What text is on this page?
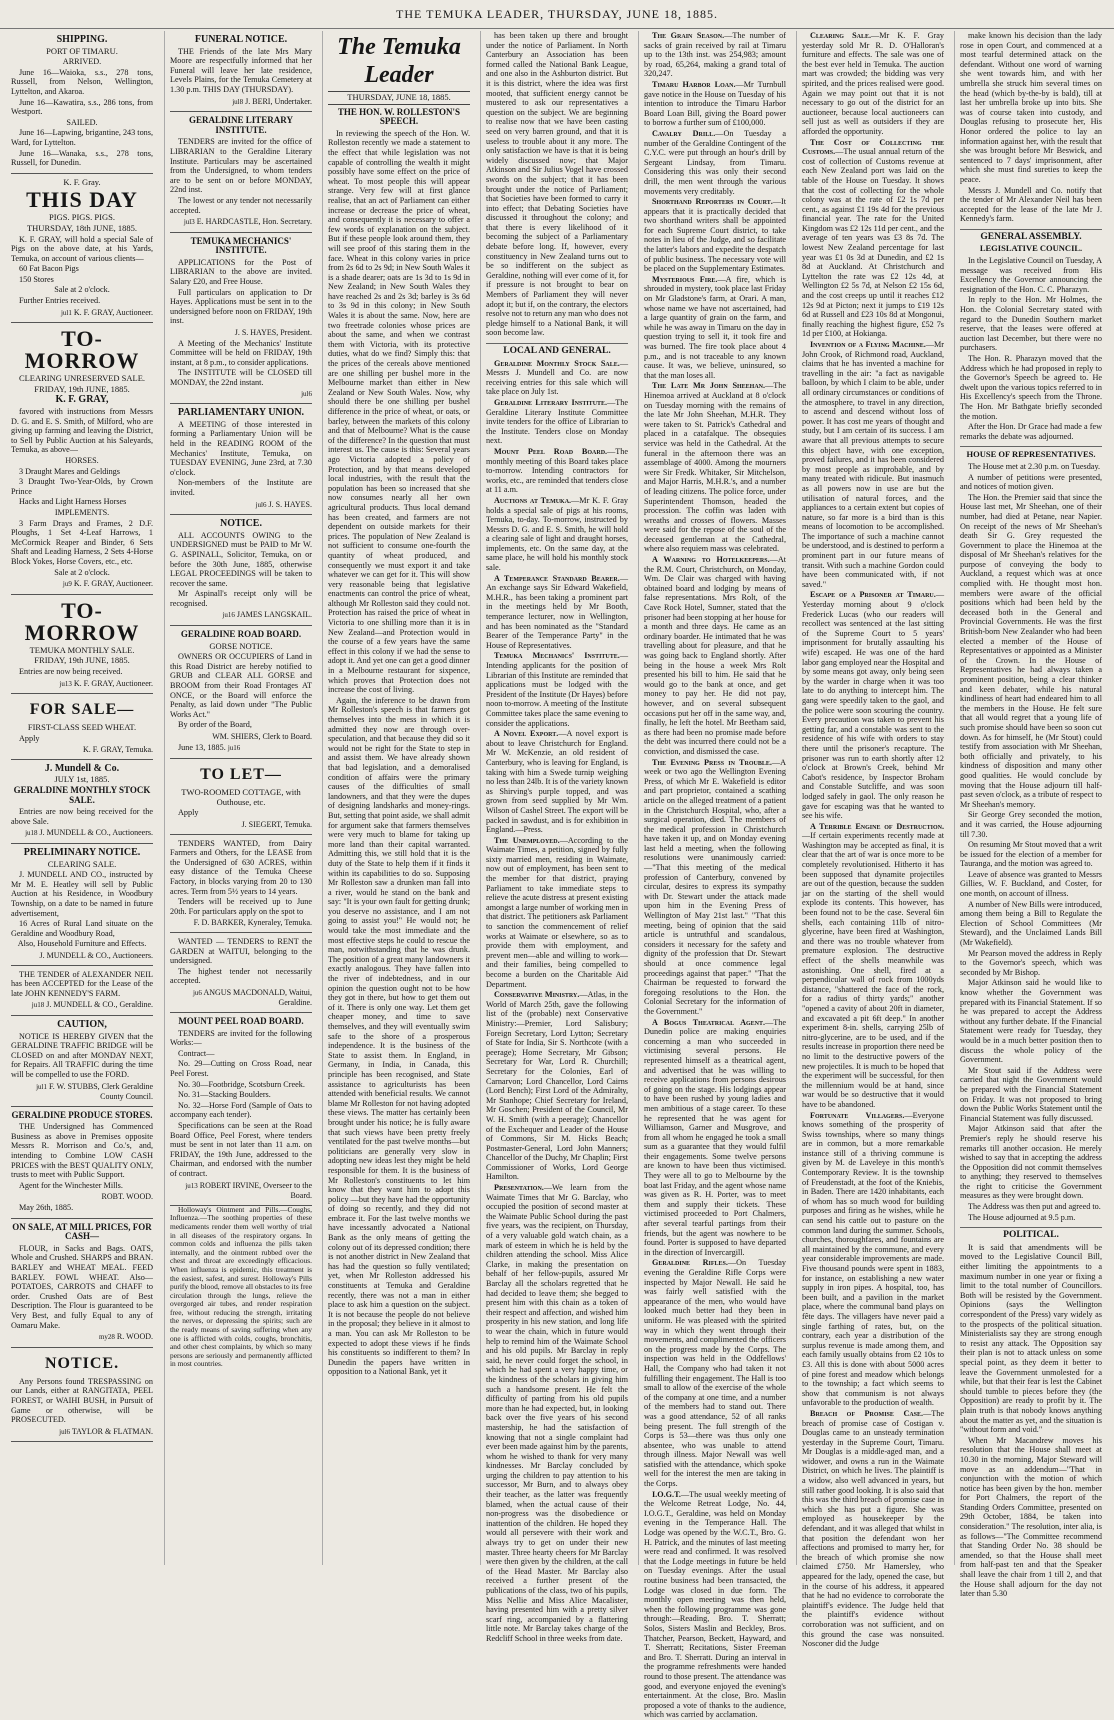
THE TEMUKA LEADER, THURSDAY, JUNE 18, 1885.
SHIPPING.
PORT OF TIMARU.
ARRIVED.
June 16—Waioka, s.s., 278 tons, Russell, from Nelson, Wellington, Lyttelton, and Akaroa.
June 16—Kawatira, s.s., 286 tons, from Westport.
SAILED.
June 16—Lapwing, brigantine, 243 tons, Ward, for Lyttelton.
June 16—Wanaka, s.s., 278 tons, Russell, for Dunedin.
K. F. Gray.
THIS DAY
PIGS. PIGS. PIGS.
THURSDAY, 18th JUNE, 1885.
K. F. GRAY, will hold a special Sale of Pigs on the above date, at his Yards, Temuka, on account of various clients—
60 Fat Bacon Pigs
150 Stores
Sale at 2 o'clock.
Further Entries received.
jul1 K. F. GRAY, Auctioneer.
TO-MORROW
CLEARING UNRESERVED SALE.
FRIDAY, 19th JUNE, 1885.
K. F. GRAY,
favored with instructions from Messrs D. G. and E. S. Smith, of Milford, who are giving up farming and leaving the District, to Sell by Public Auction at his Saleyards, Temuka, as above—
HORSES.
3 Draught Mares and Geldings
3 Draught Two-Year-Olds, by Crown Prince
Hacks and Light Harness Horses
IMPLEMENTS.
3 Farm Drays and Frames, 2 D.F. Ploughs, 1 Set 4-Leaf Harrows, 1 McCormick Reaper and Binder, 6 Sets Shaft and Leading Harness, 2 Sets 4-Horse Block Yokes, Horse Covers, etc., etc.
Sale at 2 o'clock.
ju9 K. F. GRAY, Auctioneer.
TO-MORROW
TEMUKA MONTHLY SALE.
FRIDAY, 19th JUNE, 1885.
Entries are now being received.
ju13 K. F. GRAY, Auctioneer.
FOR SALE—
FIRST-CLASS SEED WHEAT.
Apply
K. F. GRAY, Temuka.
J. Mundell & Co.
JULY 1st, 1885.
GERALDINE MONTHLY STOCK SALE.
Entries are now being received for the above Sale.
ju18 J. MUNDELL & CO., Auctioneers.
PRELIMINARY NOTICE.
CLEARING SALE.
J. MUNDELL AND CO., instructed by Mr M. E. Heatley will sell by Public Auction at his Residence, in Woodbury Township, on a date to be named in future advertisement,
16 Acres of Rural Land situate on the Geraldine and Woodbury Road,
Also, Household Furniture and Effects.
J. MUNDELL & CO., Auctioneers.
THE TENDER of ALEXANDER NEIL has been ACCEPTED for the Lease of the late JOHN KENNEDY'S FARM.
ju18 J. MUNDELL & CO., Geraldine.
CAUTION,
NOTICE IS HEREBY GIVEN that the GERALDINE TRAFFIC BRIDGE will be CLOSED on and after MONDAY NEXT, for Repairs. All TRAFFIC during the time will be compelled to use the FORD.
jul1 F. W. STUBBS, Clerk Geraldine County Council.
GERALDINE PRODUCE STORES.
THE Undersigned has Commenced Business as above in Premises opposite Messrs R. Morrison and Co.'s, and, intending to Combine LOW CASH PRICES with the BEST QUALITY ONLY, trusts to meet with Public Support.
Agent for the Winchester Mills.
ROBT. WOOD.
May 26th, 1885.
ON SALE, AT MILL PRICES, FOR CASH—
FLOUR, in Sacks and Bags. OATS, Whole and Crushed. SHARPS and BRAN. BARLEY and WHEAT MEAL. FEED BARLEY. FOWL WHEAT. Also—POTATOES, CARROTS and CHAFF to order. Crushed Oats are of Best Description. The Flour is guaranteed to be Very Best, and fully Equal to any of Oamaru Make.
my28 R. WOOD.
NOTICE.
Any Persons found TRESPASSING on our Lands, either at RANGITATA, PEEL FOREST, or WAIHI BUSH, in Pursuit of Game or otherwise, will be PROSECUTED.
jul6 TAYLOR & FLATMAN.
FUNERAL NOTICE.
THE Friends of the late Mrs Mary Moore are respectfully informed that her Funeral will leave her late residence, Levels Plains, for the Temuka Cemetery at 1.30 p.m. THIS DAY (THURSDAY).
jul8 J. BERI, Undertaker.
GERALDINE LITERARY INSTITUTE.
TENDERS are invited for the office of LIBRARIAN to the Geraldine Literary Institute. Particulars may be ascertained from the Undersigned, to whom tenders are to be sent on or before MONDAY, 22nd inst.
The lowest or any tender not necessarily accepted.
jul3 E. HARDCASTLE, Hon. Secretary.
TEMUKA MECHANICS' INSTITUTE.
APPLICATIONS for the Post of LIBRARIAN to the above are invited. Salary £20, and Free House.
Full particulars on application to Dr Hayes. Applications must be sent in to the undersigned before noon on FRIDAY, 19th inst.
J. S. HAYES, President.
A Meeting of the Mechanics' Institute Committee will be held on FRIDAY, 19th instant, at 8 p.m., to consider applications.
The INSTITUTE will be CLOSED till MONDAY, the 22nd instant.
jul6
PARLIAMENTARY UNION.
A MEETING of those interested in forming a Parliamentary Union will be held in the READING ROOM of the Mechanics' Institute, Temuka, on TUESDAY EVENING, June 23rd, at 7.30 o'clock.
Non-members of the Institute are invited.
jul6 J. S. HAYES.
NOTICE.
ALL ACCOUNTS OWING to the UNDERSIGNED must be PAID to Mr W. G. ASPINALL, Solicitor, Temuka, on or before the 30th June, 1885, otherwise LEGAL PROCEEDINGS will be taken to recover the same.
Mr Aspinall's receipt only will be recognised.
ju16 JAMES LANGSKAIL.
GERALDINE ROAD BOARD.
GORSE NOTICE.
OWNERS OR OCCUPIERS of Land in this Road District are hereby notified to GRUB and CLEAR ALL GORSE and BROOM from their Road Frontages AT ONCE, or the Board will enforce the Penalty, as laid down under "The Public Works Act."
By order of the Board,
WM. SHIERS, Clerk to Board.
June 13, 1885. ju16
TO LET—
TWO-ROOMED COTTAGE, with Outhouse, etc.
Apply
J. SIEGERT, Temuka.
TENDERS WANTED, from Dairy Farmers and Others, for the LEASE from the Undersigned of 630 ACRES, within easy distance of the Temuka Cheese Factory, in blocks varying from 20 to 130 acres. Term from 5½ years to 14 years.
Tenders will be received up to June 20th. For particulars apply on the spot to
F. D. BARKER, Kyneraley, Temuka.
WANTED — TENDERS to RENT the GARDEN at WAITUI, belonging to the undersigned.
The highest tender not necessarily accepted.
ju6 ANGUS MACDONALD, Waitui, Geraldine.
MOUNT PEEL ROAD BOARD.
TENDERS are invited for the following Works:—
Contract—
No. 29—Cutting on Cross Road, near Peel Forest.
No. 30—Footbridge, Scotsburn Creek.
No. 31—Stacking Boulders.
No. 32—Horse Ford (Sample of Oats to accompany each tender).
Specifications can be seen at the Road Board Office, Peel Forest, where tenders must be sent in not later than 11 a.m. on FRIDAY, the 19th June, addressed to the Chairman, and endorsed with the number of contract.
ju13 ROBERT IRVINE, Overseer to the Board.
Holloway's Ointment and Pills.—Coughs, Influenza.—The soothing properties of these medicaments render them well worthy of trial in all diseases of the respiratory organs. In common colds and influenza the pills taken internally, and the ointment rubbed over the chest and throat are exceedingly efficacious. When influenza is epidemic, this treatment is the easiest, safest, and surest. Holloway's Pills purify the blood, remove all obstacles to its free circulation through the lungs, relieve the overgorged air tubes, and render respiration free, without reducing the strength, irritating the nerves, or depressing the spirits; such are the ready means of saving suffering when any one is afflicted with colds, coughs, bronchitis, and other chest complaints, by which so many persons are seriously and permanently afflicted in most countries.
The Temuka Leader
THURSDAY, JUNE 18, 1885.
THE HON. W. ROLLESTON'S SPEECH.
In reviewing the speech of the Hon. W. Rolleston recently we made a statement to the effect that while legislation was not capable of controlling the wealth it might possibly have some effect on the price of wheat. To most people this will appear strange. Very few will at first glance realise, that an act of Parliament can either increase or decrease the price of wheat, and consequently it is necessary to offer a few words of explanation on the subject. But if these people look around them, they will see proof of this staring them in the face. Wheat in this colony varies in price from 2s 6d to 2s 9d; in New South Wales it is a shade dearer; oats are 1s 3d to 1s 9d in New Zealand; in New South Wales they have reached 2s and 2s 3d; barley is 3s 6d to 3s 9d in this colony; in New South Wales it is about the same. Now, here are two freetrade colonies whose prices are about the same, and when we contrast them with Victoria, with its protective duties, what do we find? Simply this: that the prices of the cereals above mentioned are one shilling per bushel more in the Melbourne market than either in New Zealand or New South Wales. Now, why should there be one shilling per bushel difference in the price of wheat, or oats, or barley, between the markets of this colony and that of Melbourne? What is the cause of the difference? In the question that must interest us. The cause is this: Several years ago Victoria adopted a policy of Protection, and by that means developed local industries, with the result that the population has been so increased that she now consumes nearly all her own agricultural products. Thus local demand has been created, and farmers are not dependent on outside markets for their prices. The population of New Zealand is not sufficient to consume one-fourth the quantity of wheat produced, and consequently we must export it and take whatever we can get for it. This will show very reasonable being that legislative enactments can control the price of wheat, although Mr Rolleston said they could not. Protection has raised the price of wheat in Victoria to one shilling more than it is in New Zealand—and Protection would in the course of a few years have the same effect in this colony if we had the sense to adopt it. And yet one can get a good dinner in a Melbourne restaurant for sixpence, which proves that Protection does not increase the cost of living.
Again, the inference to be drawn from Mr Rolleston's speech is that farmers got themselves into the mess in which it is admitted they now are through over-speculation, and that because they did so it would not be right for the State to step in and assist them. We have already shown that bad legislation, and a demoralised condition of affairs were the primary causes of the difficulties of small landowners, and that they were the dupes of designing landsharks and money-rings. But, setting that point aside, we shall admit for argument sake that farmers themselves were very much to blame for taking up more land than their capital warranted. Admitting this, we still hold that it is the duty of the State to help them if it finds it within its capabilities to do so. Supposing Mr Rolleston saw a drunken man fall into a river, would he stand on the bank and say: "It is your own fault for getting drunk; you deserve no assistance, and I am not going to assist you!" He would not; he would take the most immediate and the most effective steps he could to rescue the man, notwithstanding that he was drunk. The position of a great many landowners it exactly analogous. They have fallen into the river of indebtedness, and in our opinion the question ought not to be how they got in there, but how to get them out of it. There is only one way. Let them get cheaper money, and time to save themselves, and they will eventually swim safe to the shore of a prosperous independence. It is the business of the State to assist them. In England, in Germany, in India, in Canada, this principle has been recognised, and State assistance to agriculturists has been attended with beneficial results. We cannot blame Mr Rolleston for not having adopted these views. The matter has certainly been brought under his notice; he is fully aware that such views have been pretty freely ventilated for the past twelve months—but politicians are generally very slow in adopting new ideas lest they might be held responsible for them. It is the business of Mr Rolleston's constituents to let him know that they want him to adopt this policy —but they have had the opportunity of doing so recently, and they did not embrace it. For the last twelve months we have incessantly advocated a National Bank as the only means of getting the colony out of its depressed condition; there is not another district in New Zealand that has had the question so fully ventilated; yet, when Mr Rolleston addressed his constituents at Temuka and Geraldine recently, there was not a man in either place to ask him a question on the subject. It is not because the people do not believe in the proposal; they believe in it almost to a man. You can ask Mr Rolleston to be expected to adopt these views if he finds his constituents so indifferent to them? In Dunedin the papers have written in opposition to a National Bank, yet it
has been taken up there and brought under the notice of Parliament. In North Canterbury an Association has been formed called the National Bank League, and one also in the Ashburton district. But it is this district, where the idea was first mooted, that sufficient energy cannot be mustered to ask our representatives a question on the subject. We are beginning to realise now that we have been casting seed on very barren ground, and that it is useless to trouble about it any more. The only satisfaction we have is that it is being widely discussed now; that Major Atkinson and Sir Julius Vogel have crossed swords on the subject; that it has been brought under the notice of Parliament; that Societies have been formed to carry it into effect; that Debating Societies have discussed it throughout the colony; and that there is every likelihood of it becoming the subject of a Parliamentary debate before long. If, however, every constituency in New Zealand turns out to be so indifferent on the subject as Geraldine, nothing will ever come of it, for if pressure is not brought to bear on Members of Parliament they will never adopt it; but if, on the contrary, the electors resolve not to return any man who does not pledge himself to a National Bank, it will soon become law.
LOCAL AND GENERAL.
Geraldine Monthly Stock Sale.—Messrs J. Mundell and Co. are now receiving entries for this sale which will take place on July 1st.
Geraldine Literary Institute.—The Geraldine Literary Institute Committee invite tenders for the office of Librarian to the Institute. Tenders close on Monday next.
Mount Peel Road Board.—The monthly meeting of this Board takes place to-morrow. Intending contractors for works, etc., are reminded that tenders close at 11 a.m.
Auctions at Temuka.—Mr K. F. Gray holds a special sale of pigs at his rooms, Temuka, to-day. To-morrow, instructed by Messrs D. G. and E. S. Smith, he will hold a clearing sale of light and draught horses, implements, etc. On the same day, at the same place, he will hold his monthly stock sale.
A Temperance Standard Bearer.—An exchange says Sir Edward Wakefield, M.H.R., has been taking a prominent part in the meetings held by Mr Booth, temperance lecturer, now in Wellington, and has been nominated as the "Standard Bearer of the Temperance Party" in the House of Representatives.
Temuka Mechanics' Institute.—Intending applicants for the position of Librarian of this Institute are reminded that applications must be lodged with the President of the Institute (Dr Hayes) before noon to-morrow. A meeting of the Institute Committee takes place the same evening to consider the applications.
A Novel Export.—A novel export is about to leave Christchurch for England. Mr W. McKenzie, an old resident of Canterbury, who is leaving for England, is taking with him a Swede turnip weighing no less than 24lb. It is of the variety known as Shirving's purple topped, and was grown from seed supplied by Mr Wm. Wilson of Cashel Street. The export will be packed in sawdust, and is for exhibition in England.—Press.
The Unemployed.—According to the Waimate Times, a petition, signed by fully sixty married men, residing in Waimate, now out of employment, has been sent to the member for that district, praying Parliament to take immediate steps to relieve the acute distress at present existing amongst a large number of working men in that district. The petitioners ask Parliament to sanction the commencement of relief works at Waimate or elsewhere, so as to provide them with employment, and prevent men—able and willing to work—and their families, being compelled to become a burden on the Charitable Aid Department.
Conservative Ministry.—Atlas, in the World of March 25th, gave the following list of the (probable) next Conservative Ministry:—Premier, Lord Salisbury; Foreign Secretary, Lord Lytton; Secretary of State for India, Sir S. Northcote (with a peerage); Home Secretary, Mr Gibson; Secretary for War, Lord R. Churchill; Secretary for the Colonies, Earl of Carnarvon; Lord Chancellor, Lord Cairns (Lord Bench); First Lord of the Admiralty, Mr Stanhope; Chief Secretary for Ireland, Mr Goschen; President of the Council, Mr W. H. Smith (with a peerage); Chancellor of the Exchequer and Leader of the House of Commons, Sir M. Hicks Beach; Postmaster-General, Lord John Manners; Chancellor of the Duchy, Mr Chaplin; First Commissioner of Works, Lord George Hamilton.
Presentation.—We learn from the Waimate Times that Mr G. Barclay, who occupied the position of second master at the Waimate Public School during the past five years, was the recipient, on Thursday, of a very valuable gold watch chain, as a mark of esteem in which he is held by the children attending the school. Miss Alice Clarke, in making the presentation on behalf of her fellow-pupils, assured Mr Barclay all the scholars regretted that he had decided to leave them; she begged to present him with this chain as a token of their respect and affection, and wished him prosperity in his new station, and long life to wear the chain, which in future would help to remind him of the Waimate School and his old pupils. Mr Barclay in reply said, he never could forget the school, in which he had spent a very happy time, or the kindness of the scholars in giving him such a handsome present. He felt the difficulty of parting from his old pupils more than he had expected, but, in looking back over the five years of his second mastership, he had the satisfaction of knowing that not a single complaint had ever been made against him by the parents, whom he wished to thank for very many kindnesses. Mr Barclay concluded by urging the children to pay attention to his successor, Mr Burn, and to always obey their teacher, as the latter was frequently blamed, when the actual cause of their non-progress was the disobedience or inattention of the children. He hoped they would all persevere with their work and always try to get on under their new master. Three hearty cheers for Mr Barclay were then given by the children, at the call of the Head Master. Mr Barclay also received a further present of the publications of the class, two of his pupils, Miss Nellie and Miss Alice Macalister, having presented him with a pretty silver scarf ring, accompanied by a flattering little note. Mr Barclay takes charge of the Redcliff School in three weeks from date.
The Grain Season.—The number of sacks of grain received by rail at Timaru up to the 13th inst. was 254,983; amount by road, 65,264, making a grand total of 320,247.
Timaru Harbor Loan.—Mr Turnbull gave notice in the House on Tuesday of his intention to introduce the Timaru Harbor Board Loan Bill, giving the Board power to borrow a further sum of £100,000.
Cavalry Drill.—On Tuesday a number of the Geraldine Contingent of the C.Y.C. were put through an hour's drill by Sergeant Lindsay, from Timaru. Considering this was only their second drill, the men went through the various movements very creditably.
Shorthand Reporters in Court.—It appears that it is practically decided that two shorthand writers shall be appointed for each Supreme Court district, to take notes in lieu of the Judge, and so facilitate the latter's labors and expedite the despatch of public business. The necessary vote will be placed on the Supplementary Estimates.
Mysterious Fire.—A fire, which is shrouded in mystery, took place last Friday on Mr Gladstone's farm, at Orari. A man, whose name we have not ascertained, had a large quantity of grain on the farm, and while he was away in Timaru on the day in question trying to sell it, it took fire and was burned. The fire took place about 4 p.m., and is not traceable to any known cause. It was, we believe, uninsured, so that the man loses all.
The Late Mr John Sheehan.—The Hinemoa arrived at Auckland at 8 o'clock on Tuesday morning with the remains of the late Mr John Sheehan, M.H.R. They were taken to St. Patrick's Cathedral and placed in a catafalque. The obsequies service was held in the Cathedral. At the funeral in the afternoon there was an assemblage of 4000. Among the mourners were Sir Fredk. Whitaker, Sir Mitchelson, and Major Harris, M.H.R.'s, and a number of leading citizens. The police force, under Superintendent Thomson, headed the procession. The coffin was laden with wreaths and crosses of flowers. Masses were said for the repose of the soul of the deceased gentleman at the Cathedral, where also requiem mass was celebrated.
A Warning to Hotelkeepers.—At the R.M. Court, Christchurch, on Monday, Wm. De Clair was charged with having obtained board and lodging by means of false representations. Mrs Rolt, of the Cave Rock Hotel, Sumner, stated that the prisoner had been stopping at her house for a month and three days. He came as an ordinary boarder. He intimated that he was travelling about for pleasure, and that he was going back to England shortly. After being in the house a week Mrs Rolt presented his bill to him. He said that he would go to the bank at once, and get money to pay her. He did not pay, however, and on several subsequent occasions put her off in the same way, and, finally, he left the hotel. Mr Beetham said, as there had been no promise made before the debt was incurred there could not be a conviction, and dismissed the case.
The Evening Press in Trouble.—A week or two ago the Wellington Evening Press, of which Mr E. Wakefield is editor and part proprietor, contained a scathing article on the alleged treatment of a patient in the Christchurch Hospital, who, after a surgical operation, died. The members of the medical profession in Christchurch have taken it up, and on Monday evening last held a meeting, when the following resolutions were unanimously carried:—"That this meeting of the medical profession of Canterbury, convened by circular, desires to express its sympathy with Dr. Stewart under the attack made upon him in the Evening Press of Wellington of May 21st last." "That this meeting, being of opinion that the said article is untruthful and scandalous, considers it necessary for the safety and dignity of the profession that Dr. Stewart should at once commence legal proceedings against that paper." "That the Chairman be requested to forward the foregoing resolutions to the Hon. the Colonial Secretary for the information of the Government."
A Bogus Theatrical Agent.—The Dunedin police are making enquiries concerning a man who succeeded in victimising several persons. He represented himself as a theatrical agent, and advertised that he was willing to receive applications from persons desirous of going on the stage. His lodgings appear to have been rushed by young ladies and men ambitious of a stage career. To these he represented that he was agent for Williamson, Garner and Musgrove, and from all whom he engaged he took a small sum as a guarantee that they would fulfil their engagements. Some twelve persons are known to have been thus victimised. They were all to go to Melbourne by the boat last Friday, and the agent whose name was given as R. H. Porter, was to meet them and supply their tickets. These victimised proceeded to Port Chalmers, after several tearful partings from their friends, but the agent was nowhere to be found. Porter is supposed to have departed in the direction of Invercargill.
Geraldine Rifles.—On Tuesday evening the Geraldine Rifle Corps were inspected by Major Newall. He said he was fairly well satisfied with the appearance of the men, who would have looked much better had they been in uniform. He was pleased with the spirited way in which they went through their movements, and complimented the officers on the progress made by the Corps. The inspection was held in the Oddfellows' Hall, the Company who had taken it not fulfilling their engagement. The Hall is too small to allow of the exercise of the whole of the company at one time, and a number of the members had to stand out. There was a good attendance, 52 of all ranks being present. The full strength of the Corps is 53—there was thus only one absentee, who was unable to attend through illness. Major Newall was well satisfied with the attendance, which spoke well for the interest the men are taking in the Corps.
I.O.G.T.—The usual weekly meeting of the Welcome Retreat Lodge, No. 44, I.O.G.T., Geraldine, was held on Monday evening in the Temperance Hall. The Lodge was opened by the W.C.T., Bro. G. H. Patrick, and the minutes of last meeting were read and confirmed. It was resolved that the Lodge meetings in future be held on Tuesday evenings. After the usual routine business had been transacted, the Lodge was closed in due form. The monthly open meeting was then held, when the following programme was gone through:—Reading, Bro. T. Sherratt; Solos, Sisters Maslin and Beckley, Bros. Thatcher, Pearson, Beckett, Hayward, and T. Sherratt; Recitations, Sister Freeman and Bro. T. Sherratt. During an interval in the programme refreshments were handed round to those present. The attendance was good, and everyone enjoyed the evening's entertainment. At the close, Bro. Maslin proposed a vote of thanks to the audience, which was carried by acclamation.
Clearing Sale.—Mr K. F. Gray yesterday sold Mr R. D. O'Halloran's furniture and effects. The sale was one of the best ever held in Temuka. The auction mart was crowded; the bidding was very spirited, and the prices realised were good. Again we may point out that it is not necessary to go out of the district for an auctioneer, because local auctioneers can sell just as well as outsiders if they are afforded the opportunity.
The Cost of Collecting the Customs.—The usual annual return of the cost of collection of Customs revenue at each New Zealand port was laid on the table of the House on Tuesday. It shows that the cost of collecting for the whole colony was at the rate of £2 1s 7d per cent., as against £1 19s 4d for the previous financial year. The rate for the United Kingdom was £2 12s 11d per cent., and the average of ten years was £3 8s 7d. The lowest New Zealand percentage for last year was £1 0s 3d at Dunedin, and £2 1s 8d at Auckland. At Christchurch and Lyttelton the rate was £2 12s 4d, at Wellington £2 5s 7d, at Nelson £2 15s 6d, and the cost creeps up until it reaches £12 12s 9d at Picton; next it jumps to £19 12s 6d at Russell and £23 10s 8d at Mongonui, finally reaching the highest figure, £52 7s 1d per £100, at Hokianga.
Invention of a Flying Machine.—Mr John Crook, of Richmond road, Auckland, claims that he has invented a machine for travelling in the air: "a fact as navigable balloon, by which I claim to be able, under all ordinary circumstances or conditions of the atmosphere, to travel in any direction, to ascend and descend without loss of power. It has cost me years of thought and study, but I am certain of its success. I am aware that all previous attempts to secure this object have, with one exception, proved failures, and it has been considered by most people as improbable, and by many treated with ridicule. But inasmuch as all powers now in use are but the utilisation of natural forces, and the appliances to a certain extent but copies of nature, so far more is a bird than is this means of locomotion to be accomplished. The importance of such a machine cannot be understood, and is destined to perform a prominent part in our future means of transit. With such a machine Gordon could have been communicated with, if not saved."
Escape of a Prisoner at Timaru.—Yesterday morning about 9 o'clock Frederick Lucas (who our readers will recollect was sentenced at the last sitting of the Supreme Court to 5 years' imprisonment for brutally assaulting his wife) escaped. He was one of the hard labor gang employed near the Hospital and by some means got away, only being seen by the warder in charge when it was too late to do anything to intercept him. The gang were speedily taken to the gaol, and the police were soon scouring the country. Every precaution was taken to prevent his getting far, and a constable was sent to the residence of his wife with orders to stay there until the prisoner's recapture. The prisoner was run to earth shortly after 12 o'clock at Brown's Creek, behind Mr Cabot's residence, by Inspector Broham and Constable Sutcliffe, and was soon lodged safely in gaol. The only reason he gave for escaping was that he wanted to see his wife.
A Terrible Engine of Destruction.—If certain experiments recently made at Washington may be accepted as final, it is clear that the art of war is once more to be completely revolutionised. Hitherto it has been supposed that dynamite projectiles are out of the question, because the sudden jar on the starting of the shell would explode its contents. This however, has been found not to be the case. Several 6in shells, each containing 11lb of nitro-glycerine, have been fired at Washington, and there was no trouble whatever from premature explosion. The destructive effect of the shells meanwhile was astonishing. One shell, fired at a perpendicular wall of rock from 1000yds distance, "shattered the face of the rock, for a radius of thirty yards;" another "opened a cavity of about 20ft in diameter, and excavated a pit 6ft deep." In another experiment 8-in. shells, carrying 25lb of nitro-glycerine, are to be used, and if the results increase in proportion there need be no limit to the destructive powers of the new projectiles. It is much to be hoped that the experiment will be successful, for then the millennium would be at hand, since war would be so destructive that it would have to be abandoned.
Fortunate Villagers.—Everyone knows something of the prosperity of Swiss townships, where so many things are in common, but a more remarkable instance still of a thriving commune is given by M. de Laveleye in this month's Contemporary Review. It is the township of Freudenstadt, at the foot of the Kniebis, in Baden. There are 1420 inhabitants, each of whom has so much wood for building purposes and firing as he wishes, while he can send his cattle out to pasture on the common land during the summer. Schools, churches, thoroughfares, and fountains are all maintained by the commune, and every year considerable improvements are made. Five thousand pounds were spent in 1883, for instance, on establishing a new water supply in iron pipes. A hospital, too, has been built, and a pavilion in the market place, where the communal band plays on fête days. The villagers have never paid a single farthing of rates, but, on the contrary, each year a distribution of the surplus revenue is made among them, and each family usually obtains from £2 10s to £3. All this is done with about 5000 acres of pine forest and meadow which belongs to the township; a fact which seems to show that communism is not always unfavorable to the production of wealth.
Breach of Promise Case.—The breach of promise case of Costigan v. Douglas came to an unsteady termination yesterday in the Supreme Court, Timaru. Mr Douglas is a middle-aged man, and a widower, and owns a run in the Waimate District, on which he lives. The plaintiff is a widow, also well advanced in years, but still rather good looking. It is also said that this was the third breach of promise case in which she has put a figure. She was employed as housekeeper by the defendant, and it was alleged that whilst in that position the defendant won her affections and promised to marry her, for the breach of which promise she now claimed £750. Mr Hamersley, who appeared for the lady, opened the case, but in the course of his address, it appeared that he had no evidence to corroborate the plaintiff's evidence. The Judge held that the plaintiff's evidence without corroboration was not sufficient, and on this ground the case was nonsuited. Nosconer did the Judge
make known his decision than the lady rose in open Court, and commenced at a most tearful determined attack on the defendant. Without one word of warning she went towards him, and with her umbrella she struck him several times on the head (which by-the-by is bald), till at last her umbrella broke up into bits. She was of course taken into custody, and Douglas refusing to prosecute her, His Honor ordered the police to lay an information against her, with the result that she was brought before Mr Beswick, and sentenced to 7 days' imprisonment, after which she must find sureties to keep the peace.
Messrs J. Mundell and Co. notify that the tender of Mr Alexander Neil has been accepted for the lease of the late Mr J. Kennedy's farm.
GENERAL ASSEMBLY.
LEGISLATIVE COUNCIL.
In the Legislative Council on Tuesday, A message was received from His Excellency the Governor announcing the resignation of the Hon. C. C. Pharazyn.
In reply to the Hon. Mr Holmes, the Hon. the Colonial Secretary stated with regard to the Dunedin Southern market reserve, that the leases were offered at auction last December, but there were no purchasers.
The Hon. R. Pharazyn moved that the Address which he had proposed in reply to the Governor's Speech be agreed to. He dwelt upon the various topics referred to in His Excellency's speech from the Throne. The Hon. Mr Bathgate briefly seconded the motion.
After the Hon. Dr Grace had made a few remarks the debate was adjourned.
HOUSE OF REPRESENTATIVES.
The House met at 2.30 p.m. on Tuesday.
A number of petitions were presented, and notices of motion given.
The Hon. the Premier said that since the House last met, Mr Sheehan, one of their number, had died at Petane, near Napier. On receipt of the news of Mr Sheehan's death Sir G. Grey requested the Government to place the Hinemoa at the disposal of Mr Sheehan's relatives for the purpose of conveying the body to Auckland, a request which was at once complied with. He thought most hon. members were aware of the official positions which had been held by the deceased both in the General and Provincial Governments. He was the first British-born New Zealander who had been elected a member of the House of Representatives or appointed as a Minister of the Crown. In the House of Representatives he had always taken a prominent position, being a clear thinker and keen debater, while his natural kindliness of heart had endeared him to all the members in the House. He felt sure that all would regret that a young life of such promise should have been so soon cut down. As for himself, he (Mr Stout) could testify from association with Mr Sheehan, both officially and privately, to his kindness of disposition and many other good qualities. He would conclude by moving that the House adjourn till half-past seven o'clock, as a tribute of respect to Mr Sheehan's memory.
Sir George Grey seconded the motion, and it was carried, the House adjourning till 7.30.
On resuming Mr Stout moved that a writ be issued for the election of a member for Tauranga, and the motion was agreed to.
Leave of absence was granted to Messrs Gillies, W. F. Buckland, and Coster, for one month, on account of illness.
A number of New Bills were introduced, among them being a Bill to Regulate the Election of School Committees (Mr Steward), and the Unclaimed Lands Bill (Mr Wakefield).
Mr Pearson moved the address in Reply to the Governor's speech, which was seconded by Mr Bishop.
Major Atkinson said he would like to know whether the Government was prepared with its Financial Statement. If so he was prepared to accept the Address without any further debate. If the Financial Statement were ready for Tuesday, they would be in a much better position then to discuss the whole policy of the Government.
Mr Stout said if the Address were carried that night the Government would be prepared with the Financial Statement on Friday. It was not proposed to bring down the Public Works Statement until the Financial Statement was fully discussed.
Major Atkinson said that after the Premier's reply he should reserve his remarks till another occasion. He merely wished to say that in accepting the address the Opposition did not commit themselves to anything; they reserved to themselves the right to criticise the Government measures as they were brought down.
The Address was then put and agreed to.
The House adjourned at 9.5 p.m.
POLITICAL.
It is said that amendments will be moved to the Legislative Council Bill, either limiting the appointments to a maximum number in one year or fixing a limit to the total number of Councillors. Both will be resisted by the Government. Opinions (says the Wellington correspondent of the Press) vary widely as to the prospects of the political situation. Ministerialists say they are strong enough to resist any attack. The Opposition say their plan is not to attack unless on some special point, as they deem it better to leave the Government unmolested for a while, but that their fear is lest the Cabinet should tumble to pieces before they (the Opposition) are ready to profit by it. The plain truth is that nobody knows anything about the matter as yet, and the situation is "without form and void."
When Mr Macandrew moves his resolution that the House shall meet at 10.30 in the morning, Major Steward will move as an addendum—"That in conjunction with the motion of which notice has been given by the hon. member for Port Chalmers, the report of the Standing Orders Committee, presented on 29th October, 1884, be taken into consideration." The resolution, inter alia, is as follows—"The Committee recommend that Standing Order No. 38 should be amended, so that the House shall meet from half-past ten and that the Speaker shall leave the chair from 1 till 2, and that the House shall adjourn for the day not later than 5.30
